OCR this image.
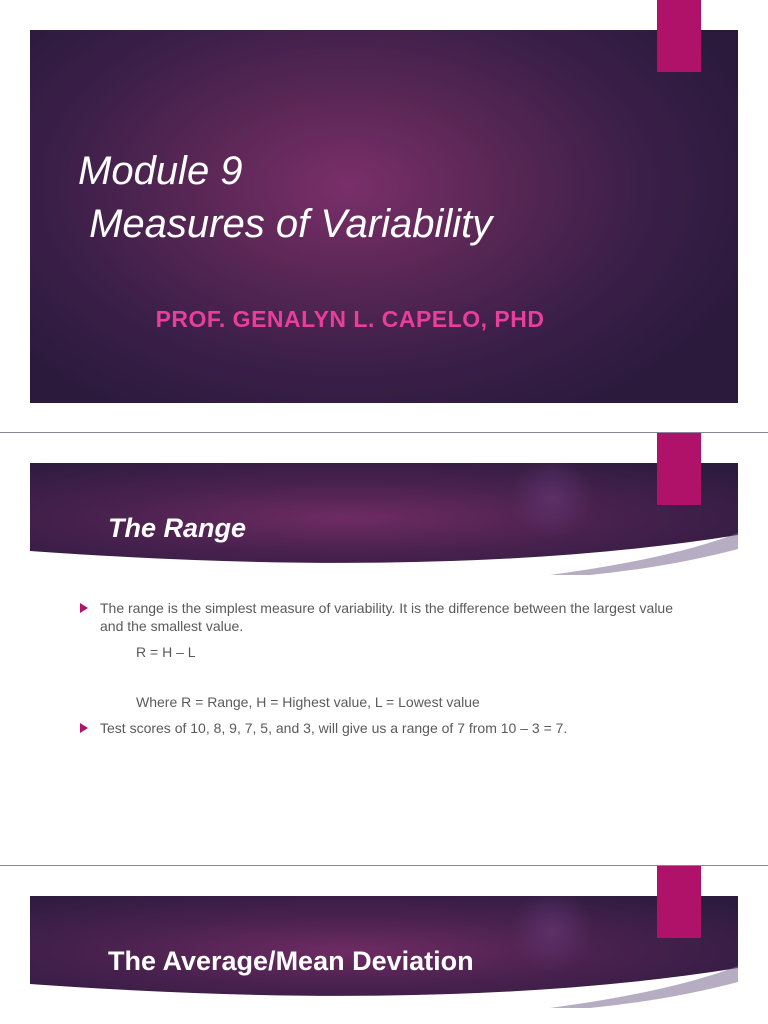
Module 9
Measures of Variability
PROF. GENALYN L. CAPELO, PHD
The Range
The range is the simplest measure of variability. It is the difference between the largest value and the smallest value.
R = H – L
Where R = Range, H = Highest value, L = Lowest value
Test scores of 10, 8, 9, 7, 5, and 3, will give us a range of 7 from 10 – 3 = 7.
The Average/Mean Deviation
